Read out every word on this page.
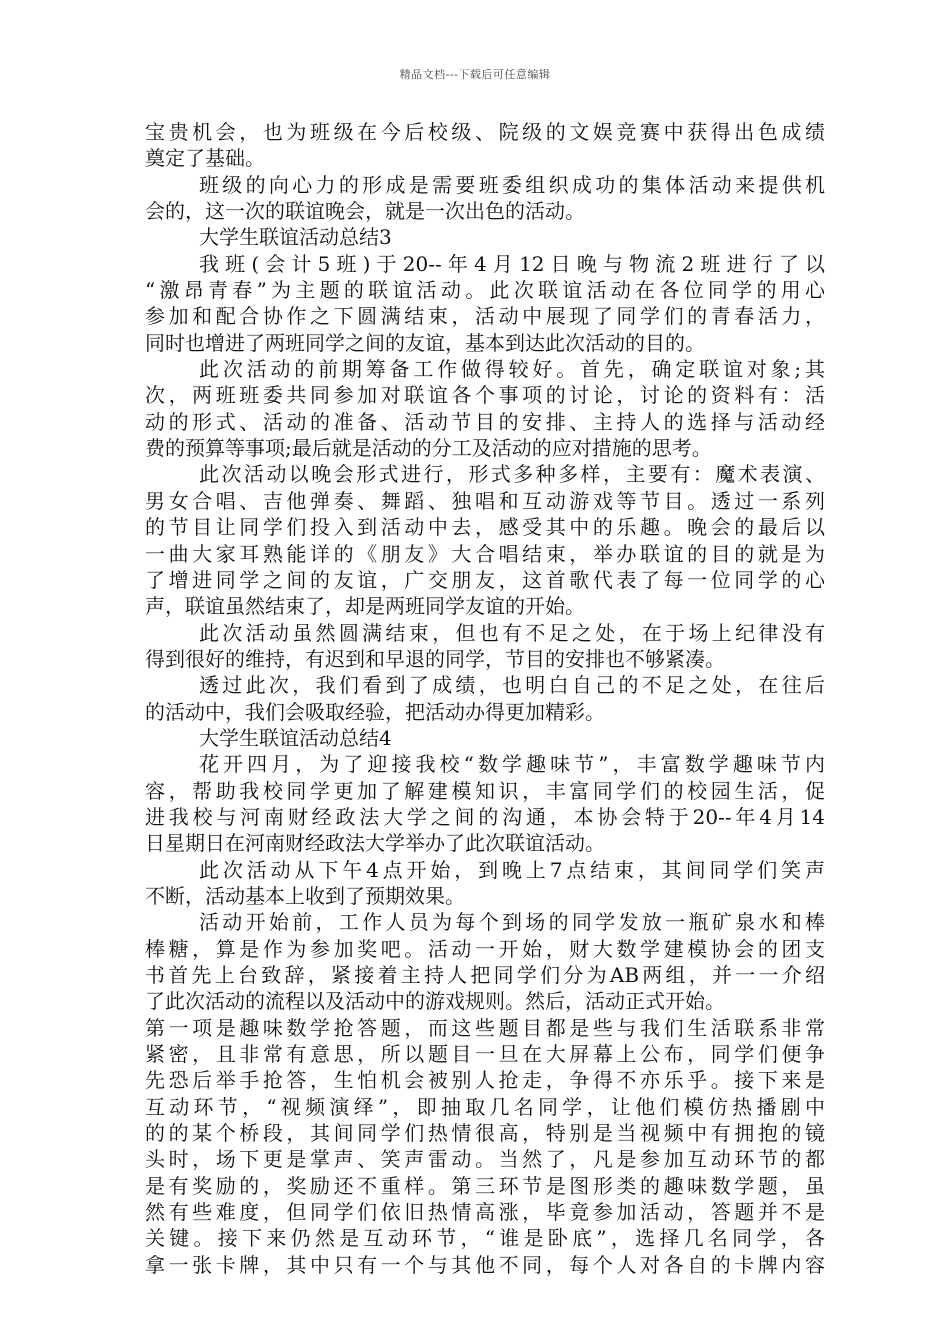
精品文档---下载后可任意编辑
宝贵机会，也为班级在今后校级、院级的文娱竞赛中获得出色成绩
奠定了基础。
班级的向心力的形成是需要班委组织成功的集体活动来提供机
会的，这一次的联谊晚会，就是一次出色的活动。
大学生联谊活动总结3
我班(会计5班)于20--年4月12日晚与物流2班进行了以
“激昂青春”为主题的联谊活动。此次联谊活动在各位同学的用心
参加和配合协作之下圆满结束，活动中展现了同学们的青春活力，
同时也增进了两班同学之间的友谊，基本到达此次活动的目的。
此次活动的前期筹备工作做得较好。首先，确定联谊对象;其
次，两班班委共同参加对联谊各个事项的讨论，讨论的资料有：活
动的形式、活动的准备、活动节目的安排、主持人的选择与活动经
费的预算等事项;最后就是活动的分工及活动的应对措施的思考。
此次活动以晚会形式进行，形式多种多样，主要有：魔术表演、
男女合唱、吉他弹奏、舞蹈、独唱和互动游戏等节目。透过一系列
的节目让同学们投入到活动中去，感受其中的乐趣。晚会的最后以
一曲大家耳熟能详的《朋友》大合唱结束，举办联谊的目的就是为
了增进同学之间的友谊，广交朋友，这首歌代表了每一位同学的心
声，联谊虽然结束了，却是两班同学友谊的开始。
此次活动虽然圆满结束，但也有不足之处，在于场上纪律没有
得到很好的维持，有迟到和早退的同学，节目的安排也不够紧凑。
透过此次，我们看到了成绩，也明白自己的不足之处，在往后
的活动中，我们会吸取经验，把活动办得更加精彩。
大学生联谊活动总结4
花开四月，为了迎接我校“数学趣味节”，丰富数学趣味节内
容，帮助我校同学更加了解建模知识，丰富同学们的校园生活，促
进我校与河南财经政法大学之间的沟通，本协会特于20--年4月14
日星期日在河南财经政法大学举办了此次联谊活动。
此次活动从下午4点开始，到晚上7点结束，其间同学们笑声
不断，活动基本上收到了预期效果。
活动开始前，工作人员为每个到场的同学发放一瓶矿泉水和棒
棒糖，算是作为参加奖吧。活动一开始，财大数学建模协会的团支
书首先上台致辞，紧接着主持人把同学们分为AB两组，并一一介绍
了此次活动的流程以及活动中的游戏规则。然后，活动正式开始。
第一项是趣味数学抢答题，而这些题目都是些与我们生活联系非常
紧密，且非常有意思，所以题目一旦在大屏幕上公布，同学们便争
先恐后举手抢答，生怕机会被别人抢走，争得不亦乐乎。接下来是
互动环节，“视频演绎”，即抽取几名同学，让他们模仿热播剧中
的的某个桥段，其间同学们热情很高，特别是当视频中有拥抱的镜
头时，场下更是掌声、笑声雷动。当然了，凡是参加互动环节的都
是有奖励的，奖励还不重样。第三环节是图形类的趣味数学题，虽
然有些难度，但同学们依旧热情高涨，毕竟参加活动，答题并不是
关键。接下来仍然是互动环节，“谁是卧底”，选择几名同学，各
拿一张卡牌，其中只有一个与其他不同，每个人对各自的卡牌内容
